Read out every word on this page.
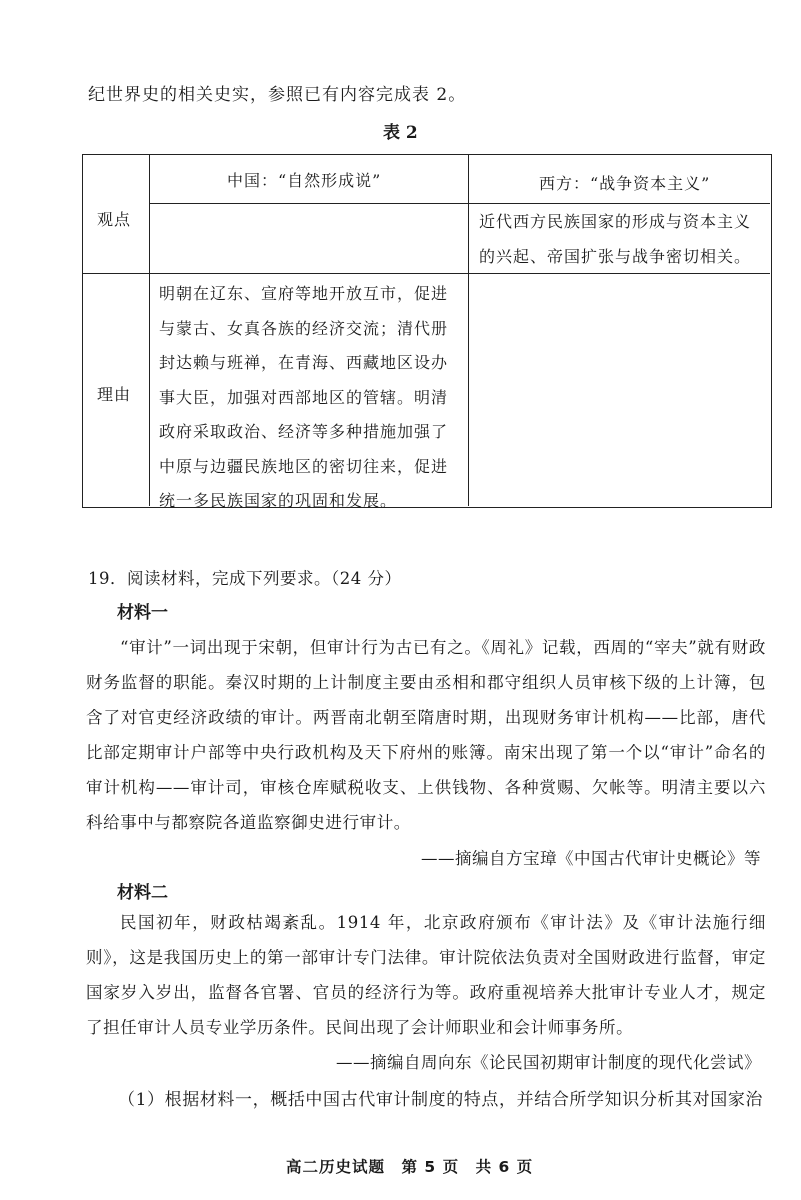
纪世界史的相关史实，参照已有内容完成表 2。
表 2
中国：“自然形成说”	西方：“战争资本主义”
观点
理由
近代西方民族国家的形成与资本主义的兴起、帝国扩张与战争密切相关。
明朝在辽东、宣府等地开放互市，促进与蒙古、女真各族的经济交流；清代册封达赖与班禅，在青海、西藏地区设办事大臣，加强对西部地区的管辖。明清政府采取政治、经济等多种措施加强了中原与边疆民族地区的密切往来，促进统一多民族国家的巩固和发展。
19．阅读材料，完成下列要求。（24 分）
材料一
“审计”一词出现于宋朝，但审计行为古已有之。《周礼》记载，西周的“宰夫”就有财政财务监督的职能。秦汉时期的上计制度主要由丞相和郡守组织人员审核下级的上计簿，包含了对官吏经济政绩的审计。两晋南北朝至隋唐时期，出现财务审计机构——比部，唐代比部定期审计户部等中央行政机构及天下府州的账簿。南宋出现了第一个以“审计”命名的审计机构——审计司，审核仓库赋税收支、上供钱物、各种赏赐、欠帐等。明清主要以六科给事中与都察院各道监察御史进行审计。
——摘编自方宝璋《中国古代审计史概论》等
材料二
民国初年，财政枯竭紊乱。1914 年，北京政府颁布《审计法》及《审计法施行细则》，这是我国历史上的第一部审计专门法律。审计院依法负责对全国财政进行监督，审定国家岁入岁出，监督各官署、官员的经济行为等。政府重视培养大批审计专业人才，规定了担任审计人员专业学历条件。民间出现了会计师职业和会计师事务所。
——摘编自周向东《论民国初期审计制度的现代化尝试》
（1）根据材料一，概括中国古代审计制度的特点，并结合所学知识分析其对国家治
高二历史试题　第 5 页　共 6 页
